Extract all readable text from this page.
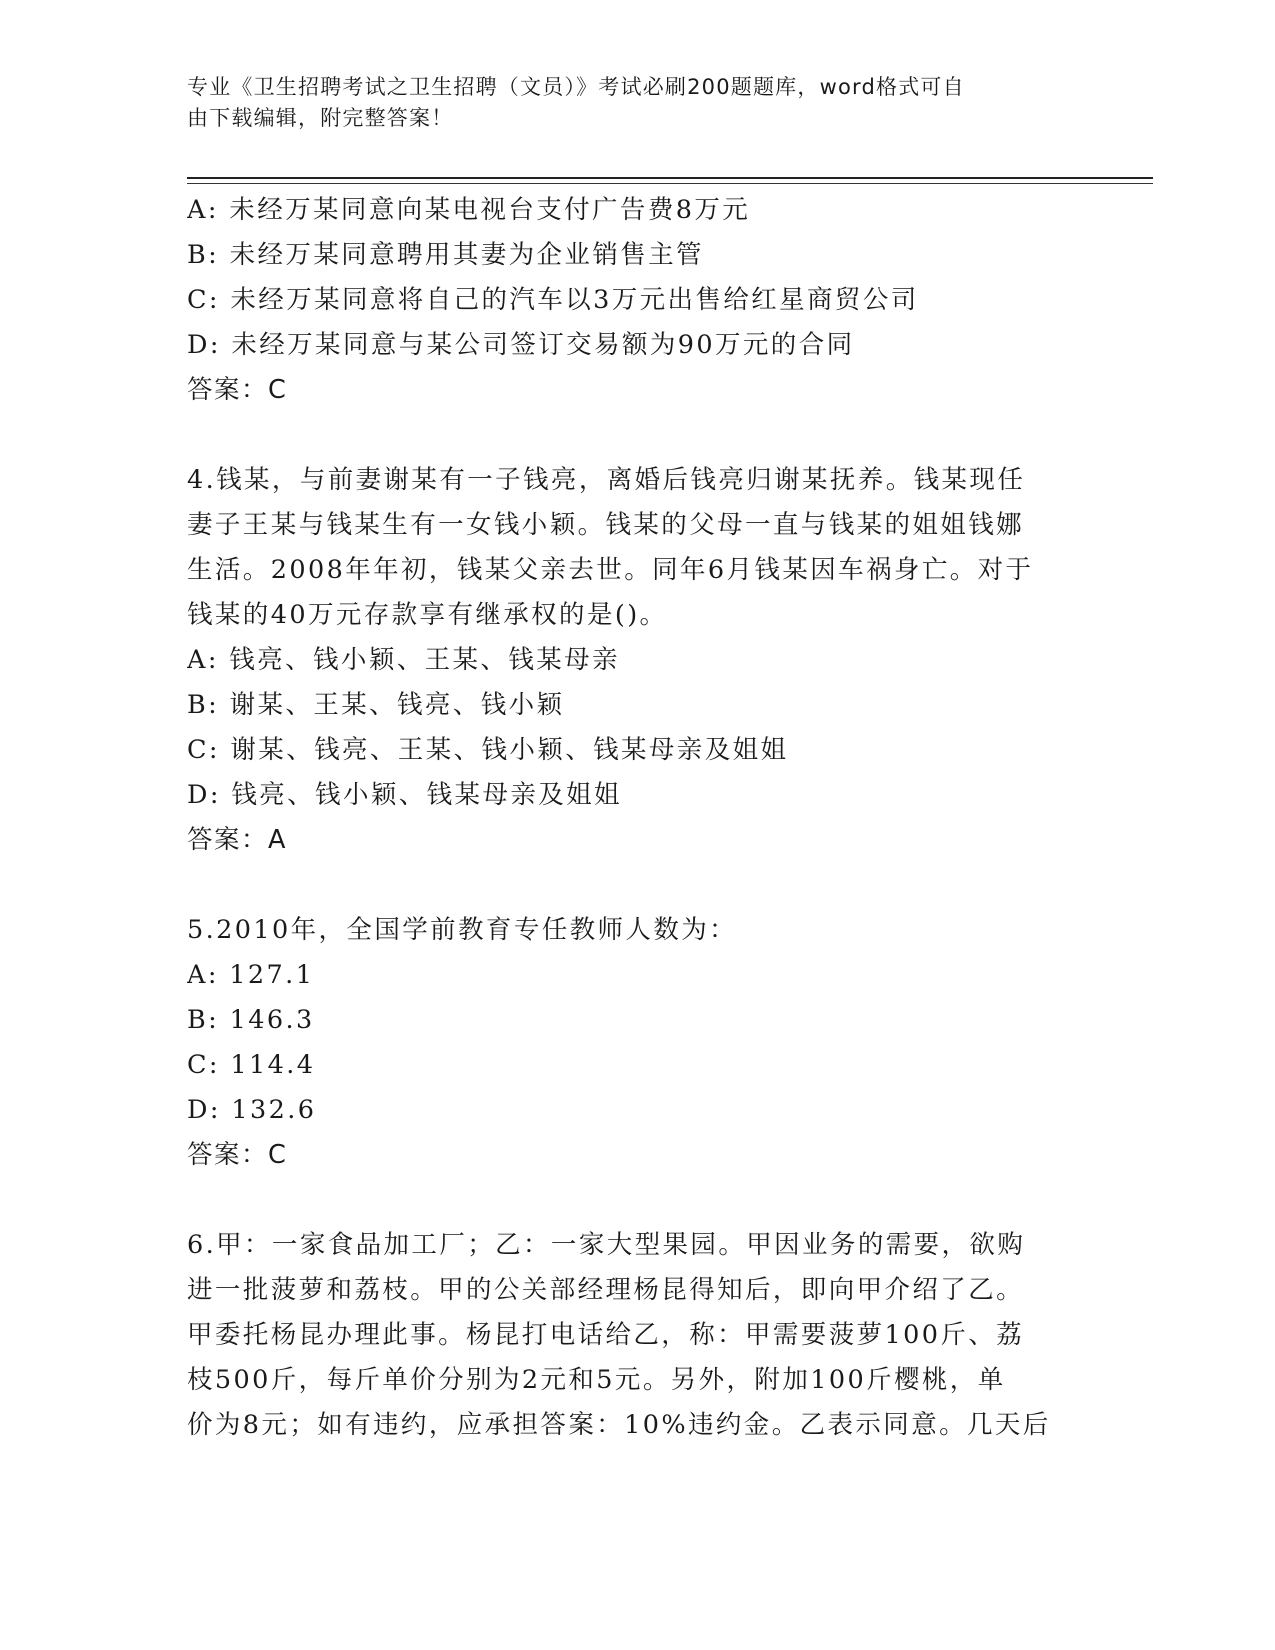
专业《卫生招聘考试之卫生招聘（文员）》考试必刷200题题库，word格式可自
由下载编辑，附完整答案！
A: 未经万某同意向某电视台支付广告费8万元
B: 未经万某同意聘用其妻为企业销售主管
C: 未经万某同意将自己的汽车以3万元出售给红星商贸公司
D: 未经万某同意与某公司签订交易额为90万元的合同
答案：C
4.钱某，与前妻谢某有一子钱亮，离婚后钱亮归谢某抚养。钱某现任
妻子王某与钱某生有一女钱小颖。钱某的父母一直与钱某的姐姐钱娜
生活。2008年年初，钱某父亲去世。同年6月钱某因车祸身亡。对于
钱某的40万元存款享有继承权的是()。
A: 钱亮、钱小颖、王某、钱某母亲
B: 谢某、王某、钱亮、钱小颖
C: 谢某、钱亮、王某、钱小颖、钱某母亲及姐姐
D: 钱亮、钱小颖、钱某母亲及姐姐
答案：A
5.2010年，全国学前教育专任教师人数为：
A: 127.1
B: 146.3
C: 114.4
D: 132.6
答案：C
6.甲：一家食品加工厂；乙：一家大型果园。甲因业务的需要，欲购
进一批菠萝和荔枝。甲的公关部经理杨昆得知后，即向甲介绍了乙。
甲委托杨昆办理此事。杨昆打电话给乙，称：甲需要菠萝100斤、荔
枝500斤，每斤单价分别为2元和5元。另外，附加100斤樱桃，单
价为8元；如有违约，应承担答案：10%违约金。乙表示同意。几天后
